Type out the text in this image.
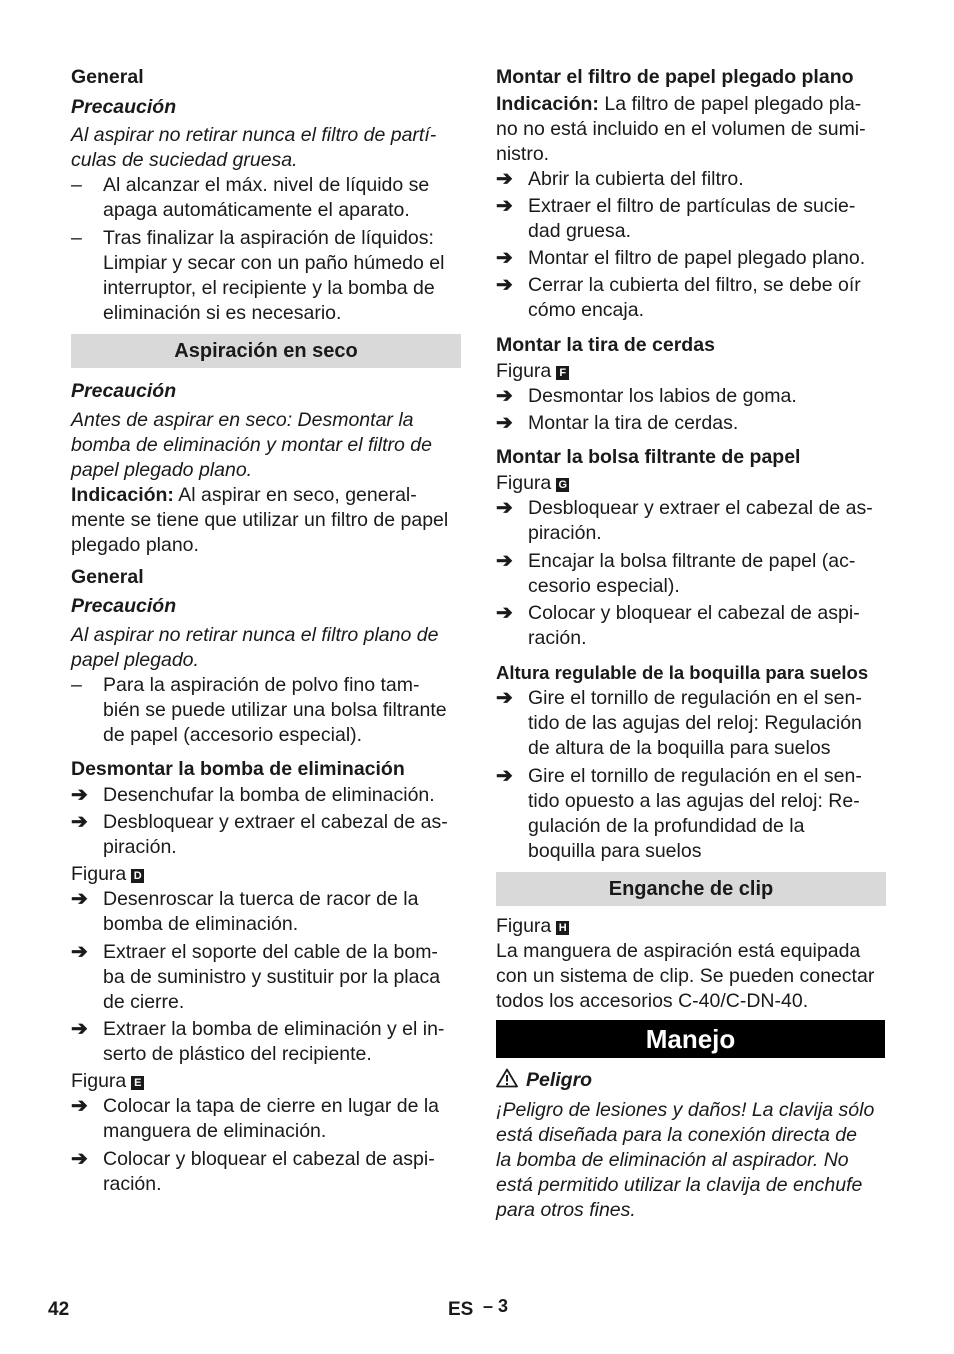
General
Precaución
Al aspirar no retirar nunca el filtro de partí-
culas de suciedad gruesa.
–	Al alcanzar el máx. nivel de líquido se
apaga automáticamente el aparato.
–	Tras finalizar la aspiración de líquidos:
Limpiar y secar con un paño húmedo el
interruptor, el recipiente y la bomba de
eliminación si es necesario.
Aspiración en seco
Precaución
Antes de aspirar en seco: Desmontar la
bomba de eliminación y montar el filtro de
papel plegado plano.
Indicación: Al aspirar en seco, general-
mente se tiene que utilizar un filtro de papel
plegado plano.
General
Precaución
Al aspirar no retirar nunca el filtro plano de
papel plegado.
–	Para la aspiración de polvo fino tam-
bién se puede utilizar una bolsa filtrante
de papel (accesorio especial).
Desmontar la bomba de eliminación
➔ Desenchufar la bomba de eliminación.
➔ Desbloquear y extraer el cabezal de as-
piración.
Figura D
➔ Desenroscar la tuerca de racor de la
bomba de eliminación.
➔ Extraer el soporte del cable de la bom-
ba de suministro y sustituir por la placa
de cierre.
➔ Extraer la bomba de eliminación y el in-
serto de plástico del recipiente.
Figura E
➔ Colocar la tapa de cierre en lugar de la
manguera de eliminación.
➔ Colocar y bloquear el cabezal de aspi-
ración.
Montar el filtro de papel plegado plano
Indicación: La filtro de papel plegado pla-
no no está incluido en el volumen de sumi-
nistro.
➔ Abrir la cubierta del filtro.
➔ Extraer el filtro de partículas de sucie-
dad gruesa.
➔ Montar el filtro de papel plegado plano.
➔ Cerrar la cubierta del filtro, se debe oír
cómo encaja.
Montar la tira de cerdas
Figura F
➔ Desmontar los labios de goma.
➔ Montar la tira de cerdas.
Montar la bolsa filtrante de papel
Figura G
➔ Desbloquear y extraer el cabezal de as-
piración.
➔ Encajar la bolsa filtrante de papel (ac-
cesorio especial).
➔ Colocar y bloquear el cabezal de aspi-
ración.
Altura regulable de la boquilla para suelos
➔ Gire el tornillo de regulación en el sen-
tido de las agujas del reloj: Regulación
de altura de la boquilla para suelos
➔ Gire el tornillo de regulación en el sen-
tido opuesto a las agujas del reloj: Re-
gulación de la profundidad de la
boquilla para suelos
Enganche de clip
Figura H
La manguera de aspiración está equipada
con un sistema de clip. Se pueden conectar
todos los accesorios C-40/C-DN-40.
Manejo
Peligro
¡Peligro de lesiones y daños! La clavija sólo
está diseñada para la conexión directa de
la bomba de eliminación al aspirador. No
está permitido utilizar la clavija de enchufe
para otros fines.
42	ES – 3
